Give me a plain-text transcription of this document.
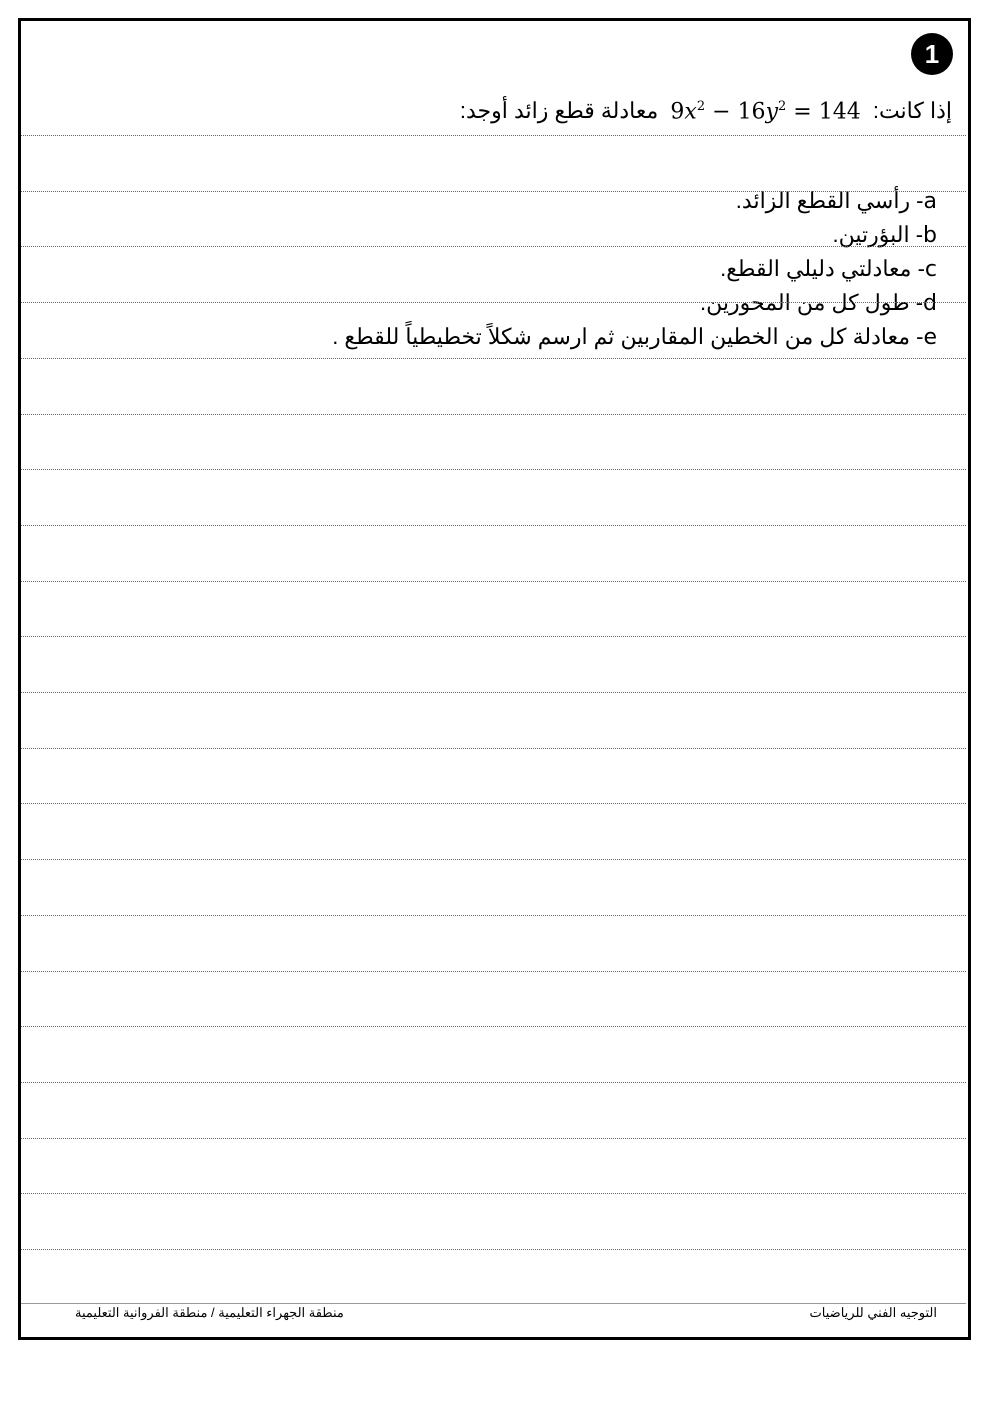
1
إذا كانت: $9x^2 - 16y^2 = 144$ معادلة قطع زائد أوجد:
a- رأسي القطع الزائد.
b- البؤرتين.
c- معادلتي دليلي القطع.
d- طول كل من المحورين.
e- معادلة كل من الخطين المقاربين ثم ارسم شكلاً تخطيطياً للقطع .
التوجيه الفني للرياضيات
منطقة الجهراء التعليمية / منطقة الفروانية التعليمية
